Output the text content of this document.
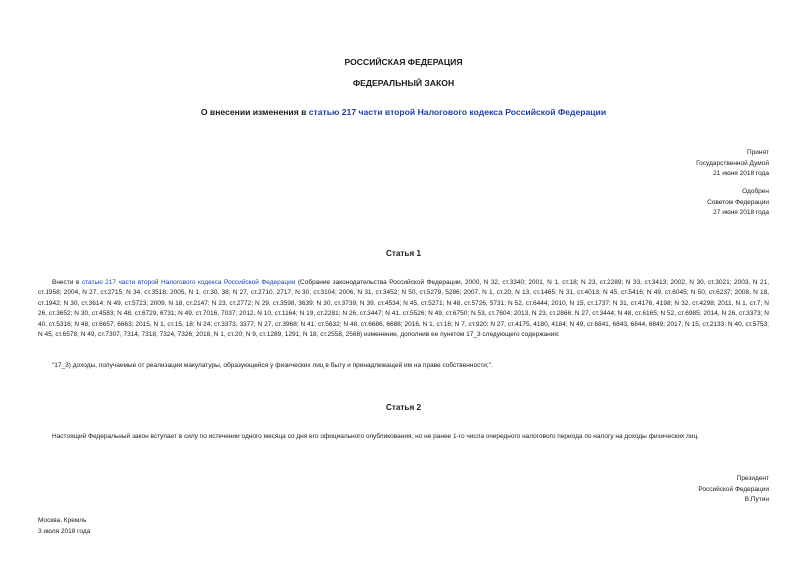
РОССИЙСКАЯ ФЕДЕРАЦИЯ
ФЕДЕРАЛЬНЫЙ ЗАКОН
О внесении изменения в статью 217 части второй Налогового кодекса Российской Федерации
Принят
Государственной Думой
21 июня 2018 года
Одобрен
Советом Федерации
27 июня 2018 года
Статья 1
Внести в статью 217 части второй Налогового кодекса Российской Федерации (Собрание законодательства Российской Федерации, 2000, N 32, ст.3340; 2001, N 1, ст.18; N 23, ст.2289; N 33, ст.3413; 2002, N 30, ст.3021; 2003, N 21, ст.1958; 2004, N 27, ст.2715; N 34, ст.3518; 2005, N 1, ст.30, 38; N 27, ст.2710, 2717; N 30, ст.3104; 2006, N 31, ст.3452; N 50, ст.5279, 5286; 2007, N 1, ст.20; N 13, ст.1465; N 31, ст.4013; N 45, ст.5416; N 49, ст.6045; N 50, ст.6237; 2008, N 18, ст.1942; N 30, ст.3614; N 49, ст.5723; 2009, N 18, ст.2147; N 23, ст.2772; N 29, ст.3598, 3639; N 30, ст.3739; N 39, ст.4534; N 45, ст.5271; N 48, ст.5726, 5731; N 52, ст.6444; 2010, N 15, ст.1737; N 31, ст.4176, 4198; N 32, ст.4298; 2011, N 1, ст.7; N 26, ст.3652; N 30, ст.4583; N 48, ст.6729, 6731; N 49, ст.7016, 7037; 2012, N 10, ст.1164; N 19, ст.2281; N 26, ст.3447; N 41, ст.5526; N 49, ст.6750; N 53, ст.7604; 2013, N 23, ст.2866; N 27, ст.3444; N 48, ст.6165; N 52, ст.6985; 2014, N 26, ст.3373; N 40, ст.5316; N 48, ст.6657, 6663; 2015, N 1, ст.15, 18; N 24, ст.3373, 3377; N 27, ст.3968; N 41, ст.5632; N 48, ст.6686, 6688; 2016, N 1, ст.16; N 7, ст.920; N 27, ст.4175, 4180, 4184; N 49, ст.6841, 6843, 6844, 6849; 2017, N 15, ст.2133; N 40, ст.5753; N 45, ст.6578; N 49, ст.7307, 7314, 7318, 7324, 7326; 2018, N 1, ст.20; N 9, ст.1289, 1291; N 18, ст.2558, 2568) изменение, дополнив ее пунктом 17_3 следующего содержания:
"17_3) доходы, получаемые от реализации макулатуры, образующейся у физических лиц в быту и принадлежащей им на праве собственности;".
Статья 2
Настоящий Федеральный закон вступает в силу по истечении одного месяца со дня его официального опубликования, но не ранее 1-го числа очередного налогового периода по налогу на доходы физических лиц.
Президент
Российской Федерации
В.Путин
Москва, Кремль
3 июля 2018 года
